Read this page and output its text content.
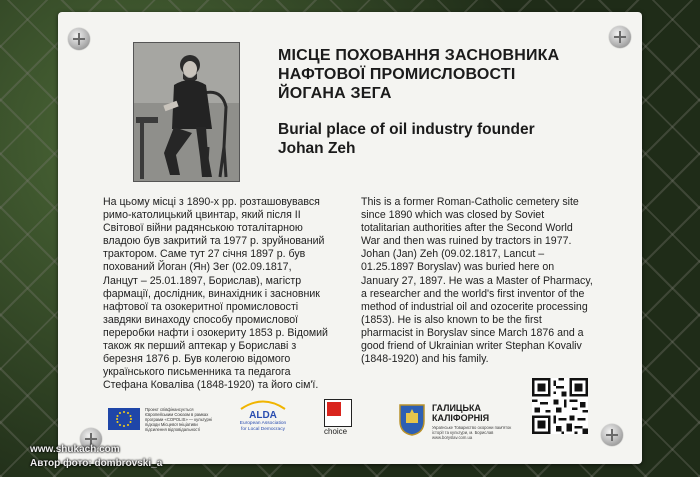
МІСЦЕ ПОХОВАННЯ ЗАСНОВНИКА
НАФТОВОЇ ПРОМИСЛОВОСТІ
ЙОГАНА ЗЕГА
Burial place of oil industry founder
Johan Zeh
На цьому місці з 1890-х рр. розташовувався
римо-католицький цвинтар, який після ІІ
Світової війни радянською тоталітарною
владою був закритий та 1977 р. зруйнований
трактором. Саме тут 27 січня 1897 р. був
похований Йоган (Ян) Зег (02.09.1817,
Ланцут – 25.01.1897, Борислав), магістр
фармації, дослідник, винахідник і засновник
нафтової та озокеритної промисловості
завдяки винаходу способу промислової
переробки нафти і озокериту 1853 р. Відомий
також як перший аптекар у Бориславі з
березня 1876 р. Був колегою відомого
українського письменника та педагога
Стефана Коваліва (1848-1920) та його сім'ї.
This is a former Roman-Catholic cemetery site
since 1890 which was closed by Soviet
totalitarian authorities after the Second World
War and then was ruined by tractors in 1977.
Johan (Jan) Zeh (09.02.1817, Lancut –
01.25.1897 Boryslav) was buried here on
January 27, 1897. He was a Master of Pharmacy,
a researcher and the world's first inventor of the
method of industrial oil and ozocerite processing
(1853). He is also known to be the first
pharmacist in Boryslav since March 1876 and a
good friend of Ukrainian writer Stephan Kovaliv
(1848-1920) and his family.
Проект співфінансується
Європейським Союзом в рамках
програми «COPOLIS» — культурні
підходи Місцевої Ініціативи
підсилення відповідальності
ALDA
European Association
for Local Democracy	choice
ГАЛИЦЬКА
КАЛІФОРНІЯ
Українське Товариство охорони пам'яток
історії та культури, м. Борислав
www.boryslav.com.ua
www.shukach.com
Автор фото: dombrovski_a
